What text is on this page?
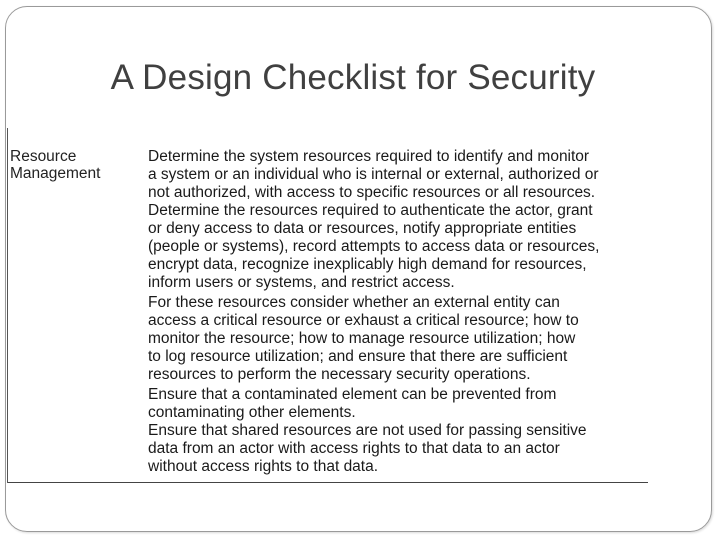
A Design Checklist for Security
Resource
Management

Determine the system resources required to identify and monitor
a system or an individual who is internal or external, authorized or
not authorized, with access to specific resources or all resources.

Determine the resources required to authenticate the actor, grant
or deny access to data or resources, notify appropriate entities
(people or systems), record attempts to access data or resources,
encrypt data, recognize inexplicably high demand for resources,
inform users or systems, and restrict access.

For these resources consider whether an external entity can
access a critical resource or exhaust a critical resource; how to
monitor the resource; how to manage resource utilization; how
to log resource utilization; and ensure that there are sufficient
resources to perform the necessary security operations.

Ensure that a contaminated element can be prevented from
contaminating other elements.

Ensure that shared resources are not used for passing sensitive
data from an actor with access rights to that data to an actor
without access rights to that data.
